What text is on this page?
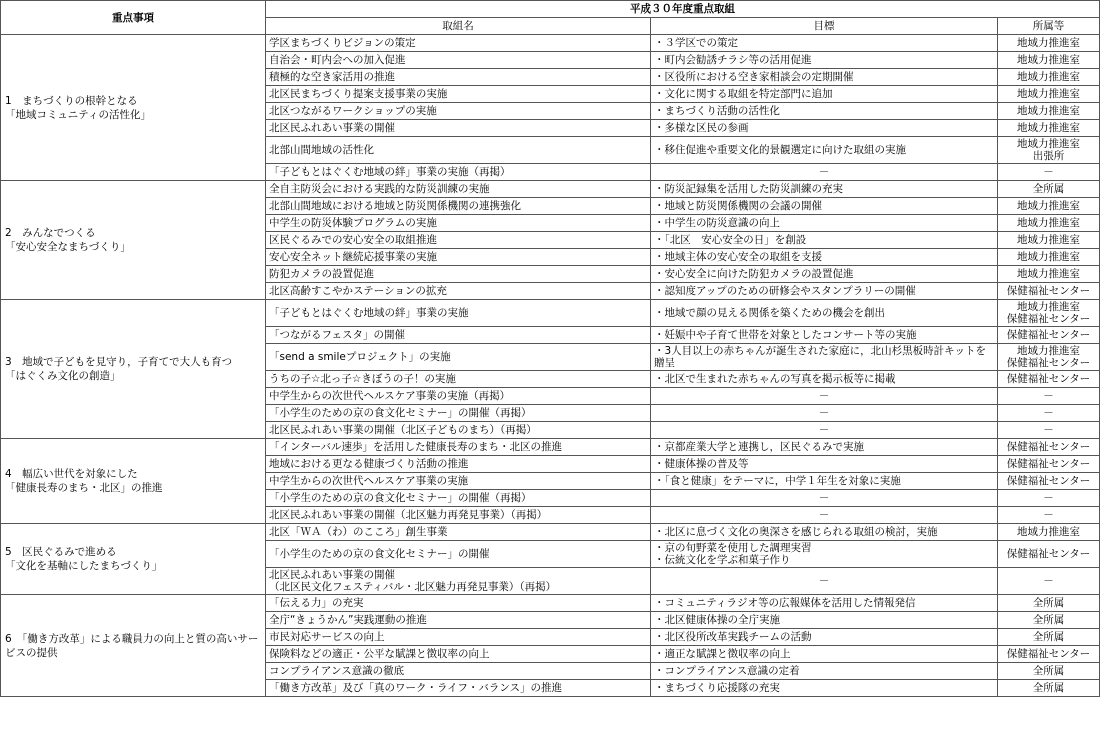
重点事項	平成３０年度重点取組		
	取組名	目標	所属等
1　まちづくりの根幹となる
「地域コミュニティの活性化」	学区まちづくりビジョンの策定	・３学区での策定	地域力推進室
	自治会・町内会への加入促進	・町内会勧誘チラシ等の活用促進	地域力推進室
	積極的な空き家活用の推進	・区役所における空き家相談会の定期開催	地域力推進室
	北区民まちづくり提案支援事業の実施	・文化に関する取組を特定部門に追加	地域力推進室
	北区つながるワークショップの実施	・まちづくり活動の活性化	地域力推進室
	北区民ふれあい事業の開催	・多様な区民の参画	地域力推進室
	北部山間地域の活性化	・移住促進や重要文化的景観選定に向けた取組の実施	地域力推進室
出張所
	「子どもとはぐくむ地域の絆」事業の実施（再掲）	－	－
2　みんなでつくる
「安心安全なまちづくり」	全自主防災会における実践的な防災訓練の実施	・防災記録集を活用した防災訓練の充実	全所属
	北部山間地域における地域と防災関係機関の連携強化	・地域と防災関係機関の会議の開催	地域力推進室
	中学生の防災体験プログラムの実施	・中学生の防災意識の向上	地域力推進室
	区民ぐるみでの安心安全の取組推進	・「北区　安心安全の日」を創設	地域力推進室
	安心安全ネット継続応援事業の実施	・地域主体の安心安全の取組を支援	地域力推進室
	防犯カメラの設置促進	・安心安全に向けた防犯カメラの設置促進	地域力推進室
	北区高齢すこやかステーションの拡充	・認知度アップのための研修会やスタンプラリーの開催	保健福祉センター
3　地域で子どもを見守り，子育てで大人も育つ
「はぐくみ文化の創造」	「子どもとはぐくむ地域の絆」事業の実施	・地域で顔の見える関係を築くための機会を創出	地域力推進室
保健福祉センター
	「つながるフェスタ」の開催	・妊娠中や子育て世帯を対象としたコンサート等の実施	保健福祉センター
	「send a smileプロジェクト」の実施	・3人目以上の赤ちゃんが誕生された家庭に，北山杉黒板時計キットを贈呈	地域力推進室
保健福祉センター
	うちの子☆北っ子☆きぼうの子！の実施	・北区で生まれた赤ちゃんの写真を掲示板等に掲載	保健福祉センター
	中学生からの次世代ヘルスケア事業の実施（再掲）	－	－
	「小学生のための京の食文化セミナー」の開催（再掲）	－	－
	北区民ふれあい事業の開催（北区子どものまち）（再掲）	－	－
4　幅広い世代を対象にした
「健康長寿のまち・北区」の推進	「インターバル速歩」を活用した健康長寿のまち・北区の推進	・京都産業大学と連携し，区民ぐるみで実施	保健福祉センター
	地域における更なる健康づくり活動の推進	・健康体操の普及等	保健福祉センター
	中学生からの次世代ヘルスケア事業の実施	・「食と健康」をテーマに，中学１年生を対象に実施	保健福祉センター
	「小学生のための京の食文化セミナー」の開催（再掲）	－	－
	北区民ふれあい事業の開催（北区魅力再発見事業）（再掲）	－	－
5　区民ぐるみで進める
「文化を基軸にしたまちづくり」	北区「ＷＡ（わ）のこころ」創生事業	・北区に息づく文化の奥深さを感じられる取組の検討，実施	地域力推進室
	「小学生のための京の食文化セミナー」の開催	・京の旬野菜を使用した調理実習
・伝統文化を学ぶ和菓子作り	保健福祉センター
	北区民ふれあい事業の開催
（北区民文化フェスティバル・北区魅力再発見事業）（再掲）	－	－
6　「働き方改革」による職員力の向上と質の高いサービスの提供	「伝える力」の充実	・コミュニティラジオ等の広報媒体を活用した情報発信	全所属
	全庁“きょうかん”実践運動の推進	・北区健康体操の全庁実施	全所属
	市民対応サービスの向上	・北区役所改革実践チームの活動	全所属
	保険料などの適正・公平な賦課と徴収率の向上	・適正な賦課と徴収率の向上	保健福祉センター
	コンプライアンス意識の徹底	・コンプライアンス意識の定着	全所属
	「働き方改革」及び「真のワーク・ライフ・バランス」の推進	・まちづくり応援隊の充実	全所属
